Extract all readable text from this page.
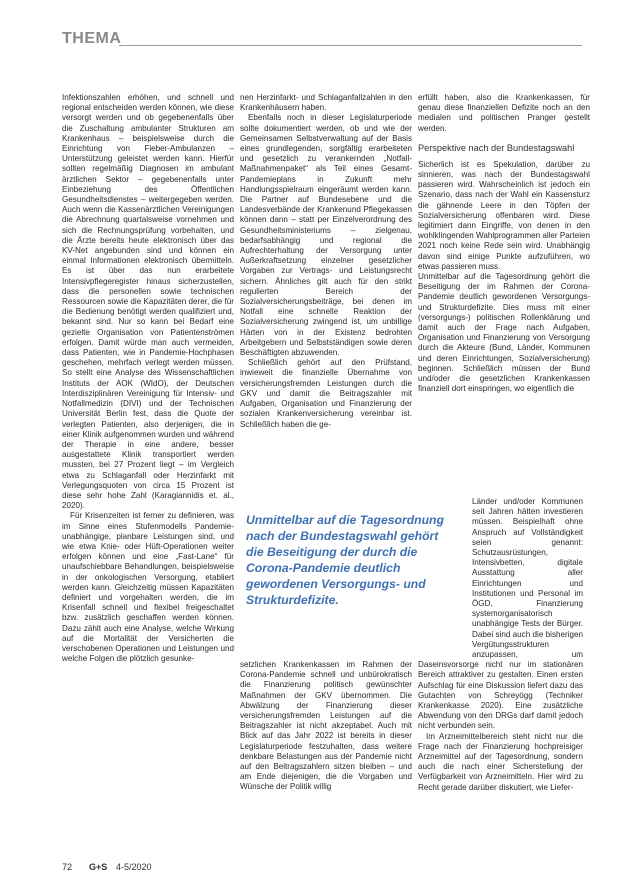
THEMA

Infektionszahlen erhöhen, und schnell und regional entscheiden werden können, wie diese versorgt werden und ob gegebenenfalls über die Zuschaltung ambulanter Strukturen am Krankenhaus – beispielsweise durch die Einrichtung von Fieber-Ambulanzen – Unterstützung geleistet werden kann. Hierfür sollten regelmäßig Diagnosen im ambulant ärztlichen Sektor – gegebenenfalls unter Einbeziehung des Öffentlichen Gesundheitsdienstes – weitergegeben werden. Auch wenn die Kassenärztlichen Vereinigungen die Abrechnung quartalsweise vornehmen und sich die Rechnungsprüfung vorbehalten, und die Ärzte bereits heute elektronisch über das KV-Net angebunden sind und können ein einmal Informationen elektronisch übermitteln. Es ist über das nun erarbeitete Intensivpflegeregister hinaus sicherzustellen, dass die personellen sowie technischen Ressourcen sowie die Kapazitäten derer, die für die Bedienung benötigt werden qualifiziert und, bekannt sind. Nur so kann bei Bedarf eine gezielte Organisation von Patientenströmen erfolgen. Damit würde man auch vermeiden, dass Patienten, wie in Pandemie-Hochphasen geschehen, mehrfach verlegt werden müssen. So stellt eine Analyse des Wissenschaftlichen Instituts der AOK (WIdO), der Deutschen Interdisziplinären Vereinigung für Intensiv- und Notfallmedizin (DIVI) und der Technischen Universität Berlin fest, dass die Quote der verlegten Patienten, also derjenigen, die in einer Klinik aufgenommen wurden und während der Therapie in eine andere, besser ausgestattete Klinik transportiert werden mussten, bei 27 Prozent liegt – im Vergleich etwa zu Schlaganfall oder Herzinfarkt mit Verlegungsquoten von circa 15 Prozent ist diese sehr hohe Zahl (Karagiannidis et. al., 2020).

Für Krisenzeiten ist ferner zu definieren, was im Sinne eines Stufenmodells Pandemie-unabhängige, planbare Leistungen sind, und wie etwa Knie- oder Hüft-Operationen weiter erfolgen können und eine „Fast-Lane“ für unaufschiebbare Behandlungen, beispielsweise in der onkologischen Versorgung, etabliert werden kann. Gleichzeitig müssen Kapazitäten definiert und vorgehalten werden, die im Krisenfall schnell und flexibel freigeschaltet bzw. zusätzlich geschaffen werden können. Dazu zählt auch eine Analyse, welche Wirkung auf die Mortalität der Versicherten die verschobenen Operationen und Leistungen und welche Folgen die plötzlich gesunke-

nen Herzinfarkt- und Schlaganfallzahlen in den Krankenhäusern haben.

Ebenfalls noch in dieser Legislaturperiode sollte dokumentiert werden, ob und wie der Gemeinsamen Selbstverwaltung auf der Basis eines grundlegenden, sorgfältig erarbeiteten und gesetzlich zu verankernden „Notfall-Maßnahmenpaket“ als Teil eines Gesamt-Pandemieplans in Zukunft mehr Handlungsspielraum eingeräumt werden kann. Die Partner auf Bundesebene und die Landesverbände der Krankenund Pflegekassen können dann – statt per Einzelverordnung des Gesundheitsministeriums – zielgenau, bedarfsabhängig und regional die Aufrechterhaltung der Versorgung unter Außerkraftsetzung einzelner gesetzlicher Vorgaben zur Vertrags- und Leistungsrecht sichern. Ähnliches gilt auch für den strikt regulierten Bereich der Sozialversicherungsbeiträge, bei denen im Notfall eine schnelle Reaktion der Sozialversicherung zwingend ist, um unbillige Härten von in der Existenz bedrohten Arbeitgebern und Selbstständigen sowie deren Beschäftigten abzuwenden.

Schließlich gehört auf den Prüfstand, inwieweit die finanzielle Übernahme von versicherungsfremden Leistungen durch die GKV und damit die Beitragszahler mit Aufgaben, Organisation und Finanzierung der sozialen Krankenversicherung vereinbar ist. Schließlich haben die ge-

Unmittelbar auf die Tagesordnung nach der Bundestagswahl gehört die Beseitigung der durch die Corona-Pandemie deutlich gewordenen Versorgungs- und Strukturdefizite.

setzlichen Krankenkassen im Rahmen der Corona-Pandemie schnell und unbürokratisch die Finanzierung politisch gewünschter Maßnahmen der GKV übernommen. Die Abwälzung der Finanzierung dieser versicherungsfremden Leistungen auf die Beitragszahler ist nicht akzeptabel. Auch mit Blick auf das Jahr 2022 ist bereits in dieser Legislaturperiode festzuhalten, dass weitere denkbare Belastungen aus der Pandemie nicht auf den Beitragszahlern sitzen bleiben – und am Ende diejenigen, die die Vorgaben und Wünsche der Politik willig

erfüllt haben, also die Krankenkassen, für genau diese finanziellen Defizite noch an den medialen und politischen Pranger gestellt werden.

Perspektive nach der Bundestagswahl

Sicherlich ist es Spekulation, darüber zu sinnieren, was nach der Bundestagswahl passieren wird. Wahrscheinlich ist jedoch ein Szenario, dass nach der Wahl ein Kassensturz die gähnende Leere in den Töpfen der Sozialversicherung offenbaren wird. Diese legitimiert dann Eingriffe, von denen in den wohlklingenden Wahlprogrammen aller Parteien 2021 noch keine Rede sein wird. Unabhängig davon sind einige Punkte aufzuführen, wo etwas passieren muss.

Unmittelbar auf die Tagesordnung gehört die Beseitigung der im Rahmen der Corona-Pandemie deutlich gewordenen Versorgungs- und Strukturdefizite. Dies muss mit einer (versorgungs-) politischen Rollenklärung und damit auch der Frage nach Aufgaben, Organisation und Finanzierung von Versorgung durch die Akteure (Bund, Länder, Kommunen und deren Einrichtungen, Sozialversicherung) beginnen. Schließlich müssen der Bund und/oder die gesetzlichen Krankenkassen finanziell dort einspringen, wo eigentlich die

Länder und/oder Kommunen seit Jahren hätten investieren müssen. Beispielhaft ohne Anspruch auf Vollständigkeit seien genannt: Schutzausrüstungen, Intensivbetten, digitale Ausstattung aller Einrichtungen und Institutionen und Personal im ÖGD, Finanzierung systemorganisatorisch unabhängige Tests der Bürger. Dabei sind auch die bisherigen Vergütungsstrukturen anzupassen, um Daseinsvorsorge nicht nur im stationären Bereich attraktiver zu gestalten. Einen ersten Aufschlag für eine Diskussion liefert dazu das Gutachten von Schreyögg (Techniker Krankenkasse 2020). Eine zusätzliche Abwendung von den DRGs darf damit jedoch nicht verbunden sein.

Im Arzneimittelbereich steht nicht nur die Frage nach der Finanzierung hochpreisiger Arzneimittel auf der Tagesordnung, sondern auch die nach einer Sicherstellung der Verfügbarkeit von Arzneimitteln. Hier wird zu Recht gerade darüber diskutiert, wie Liefer-

72 G+S 4-5/2020
